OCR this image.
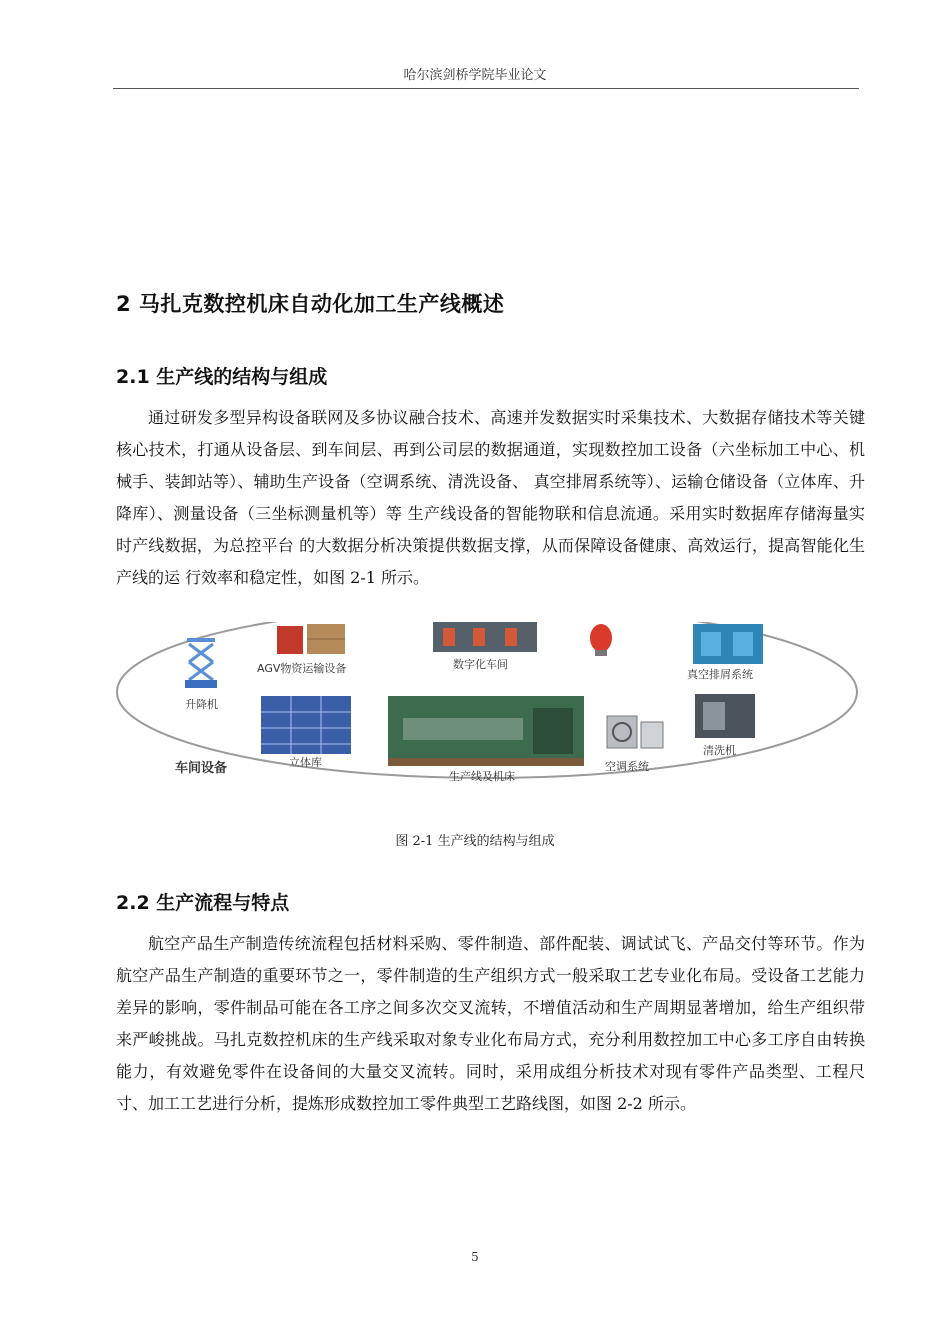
哈尔滨剑桥学院毕业论文
2 马扎克数控机床自动化加工生产线概述
2.1 生产线的结构与组成

通过研发多型异构设备联网及多协议融合技术、高速并发数据实时采集技术、大数据存储技术等关键核心技术，打通从设备层、到车间层、再到公司层的数据通道，实现数控加工设备（六坐标加工中心、机械手、装卸站等）、辅助生产设备（空调系统、清洗设备、 真空排屑系统等）、运输仓储设备（立体库、升降库）、测量设备（三坐标测量机等）等 生产线设备的智能物联和信息流通。采用实时数据库存储海量实时产线数据，为总控平台 的大数据分析决策提供数据支撑，从而保障设备健康、高效运行，提高智能化生产线的运 行效率和稳定性，如图 2-1 所示。

升降机
AGV物资运输设备	数字化车间
真空排屑系统
立体库
生产线及机床
空调系统
清洗机
车间设备
图 2-1 生产线的结构与组成
2.2 生产流程与特点

航空产品生产制造传统流程包括材料采购、零件制造、部件配装、调试试飞、产品交付等环节。作为航空产品生产制造的重要环节之一，零件制造的生产组织方式一般采取工艺专业化布局。受设备工艺能力差异的影响，零件制品可能在各工序之间多次交叉流转，不增值活动和生产周期显著增加，给生产组织带来严峻挑战。马扎克数控机床的生产线采取对象专业化布局方式，充分利用数控加工中心多工序自由转换能力，有效避免零件在设备间的大量交叉流转。同时，采用成组分析技术对现有零件产品类型、工程尺寸、加工工艺进行分析，提炼形成数控加工零件典型工艺路线图，如图 2-2 所示。

5
